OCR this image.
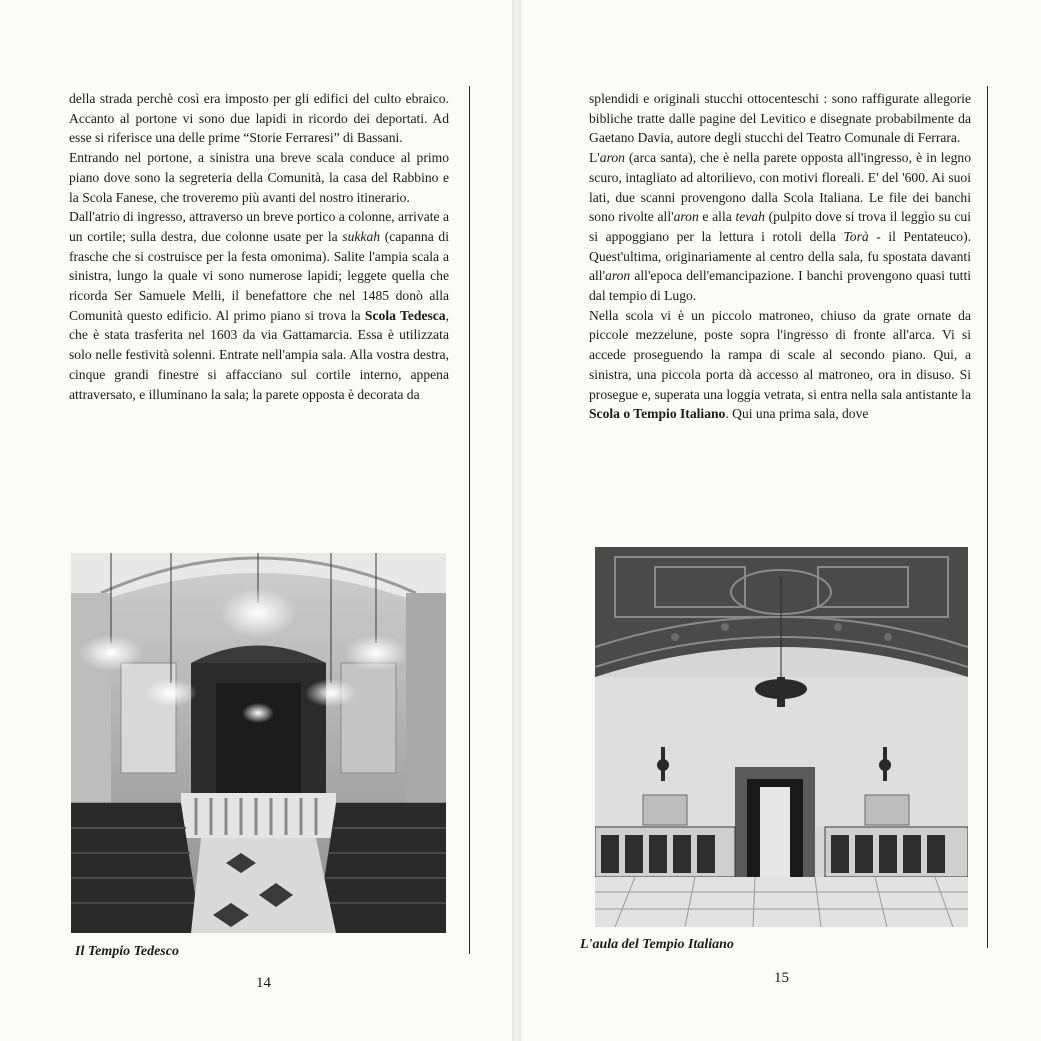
della strada perchè così era imposto per gli edifici del culto ebraico. Accanto al portone vi sono due lapidi in ricordo dei deportati. Ad esse si riferisce una delle prime “Storie Ferraresi” di Bassani.

Entrando nel portone, a sinistra una breve scala conduce al primo piano dove sono la segreteria della Comunità, la casa del Rabbino e la Scola Fanese, che troveremo più avanti del nostro itinerario.

Dall'atrio di ingresso, attraverso un breve portico a colonne, arrivate a un cortile; sulla destra, due colonne usate per la sukkah (capanna di frasche che si costruisce per la festa omonima). Salite l'ampia scala a sinistra, lungo la quale vi sono numerose lapidi; leggete quella che ricorda Ser Samuele Melli, il benefattore che nel 1485 donò alla Comunità questo edificio. Al primo piano si trova la Scola Tedesca, che è stata trasferita nel 1603 da via Gattamarcia. Essa è utilizzata solo nelle festività solenni. Entrate nell'ampia sala. Alla vostra destra, cinque grandi finestre si affacciano sul cortile interno, appena attraversato, e illuminano la sala; la parete opposta è decorata da

Il Tempio Tedesco
14

splendidi e originali stucchi ottocenteschi : sono raffigurate allegorie bibliche tratte dalle pagine del Levitico e disegnate probabilmente da Gaetano Davia, autore degli stucchi del Teatro Comunale di Ferrara.

L'aron (arca santa), che è nella parete opposta all'ingresso, è in legno scuro, intagliato ad altorilievo, con motivi floreali. E' del '600. Ai suoi lati, due scanni provengono dalla Scola Italiana. Le file dei banchi sono rivolte all'aron e alla tevah (pulpito dove si trova il leggìo su cui si appoggiano per la lettura i rotoli della Torà - il Pentateuco). Quest'ultima, originariamente al centro della sala, fu spostata davanti all'aron all'epoca dell'emancipazione. I banchi provengono quasi tutti dal tempio di Lugo.

Nella scola vi è un piccolo matroneo, chiuso da grate ornate da piccole mezzelune, poste sopra l'ingresso di fronte all'arca. Vi si accede proseguendo la rampa di scale al secondo piano. Qui, a sinistra, una piccola porta dà accesso al matroneo, ora in disuso. Si prosegue e, superata una loggia vetrata, si entra nella sala antistante la Scola o Tempio Italiano. Qui una prima sala, dove

L'aula del Tempio Italiano
15
